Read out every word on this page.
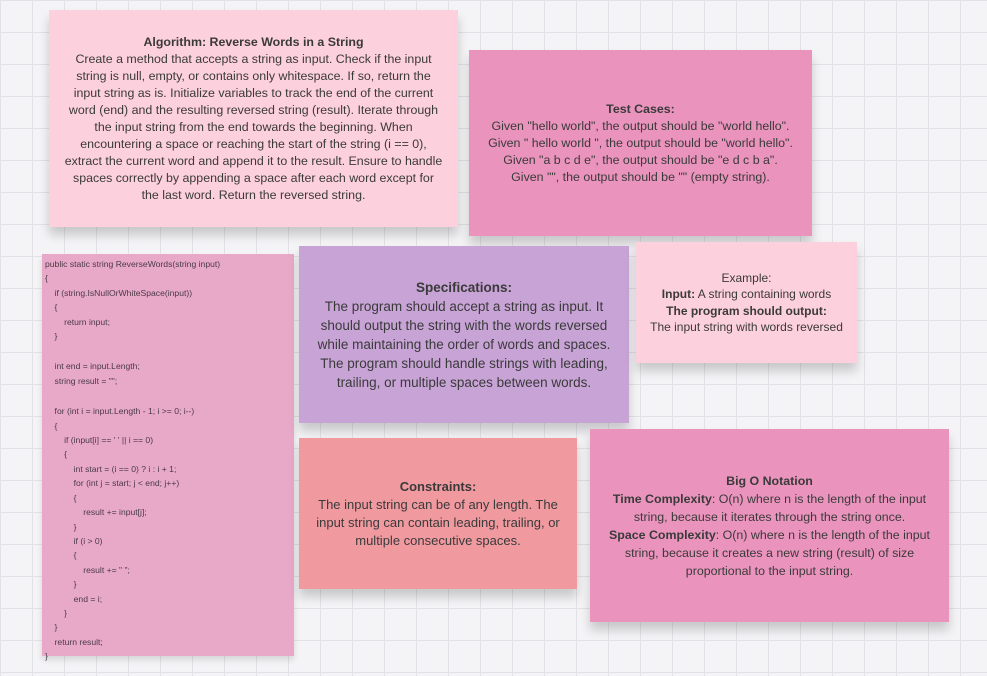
Algorithm: Reverse Words in a String
Create a method that accepts a string as input. Check if the input string is null, empty, or contains only whitespace. If so, return the input string as is. Initialize variables to track the end of the current word (end) and the resulting reversed string (result). Iterate through the input string from the end towards the beginning. When encountering a space or reaching the start of the string (i == 0), extract the current word and append it to the result. Ensure to handle spaces correctly by appending a space after each word except for the last word. Return the reversed string.
Test Cases:
Given "hello world", the output should be "world hello".
Given " hello world ", the output should be "world hello".
Given "a b c d e", the output should be "e d c b a".
Given "", the output should be "" (empty string).
public static string ReverseWords(string input)
{
if (string.IsNullOrWhiteSpace(input))
{
return input;
}
int end = input.Length;
string result = "";
for (int i = input.Length - 1; i >= 0; i--)
{
if (input[i] == ' ' || i == 0)
{
int start = (i == 0) ? i : i + 1;
for (int j = start; j < end; j++)
{
result += input[j];
}
if (i > 0)
{
result += " ";
}
end = i;
}
}
return result;
}
Specifications:
The program should accept a string as input. It should output the string with the words reversed while maintaining the order of words and spaces. The program should handle strings with leading, trailing, or multiple spaces between words.
Example:
Input: A string containing words
The program should output:
The input string with words reversed
Constraints:
The input string can be of any length. The input string can contain leading, trailing, or multiple consecutive spaces.
Big O Notation
Time Complexity: O(n) where n is the length of the input string, because it iterates through the string once.
Space Complexity: O(n) where n is the length of the input string, because it creates a new string (result) of size proportional to the input string.
